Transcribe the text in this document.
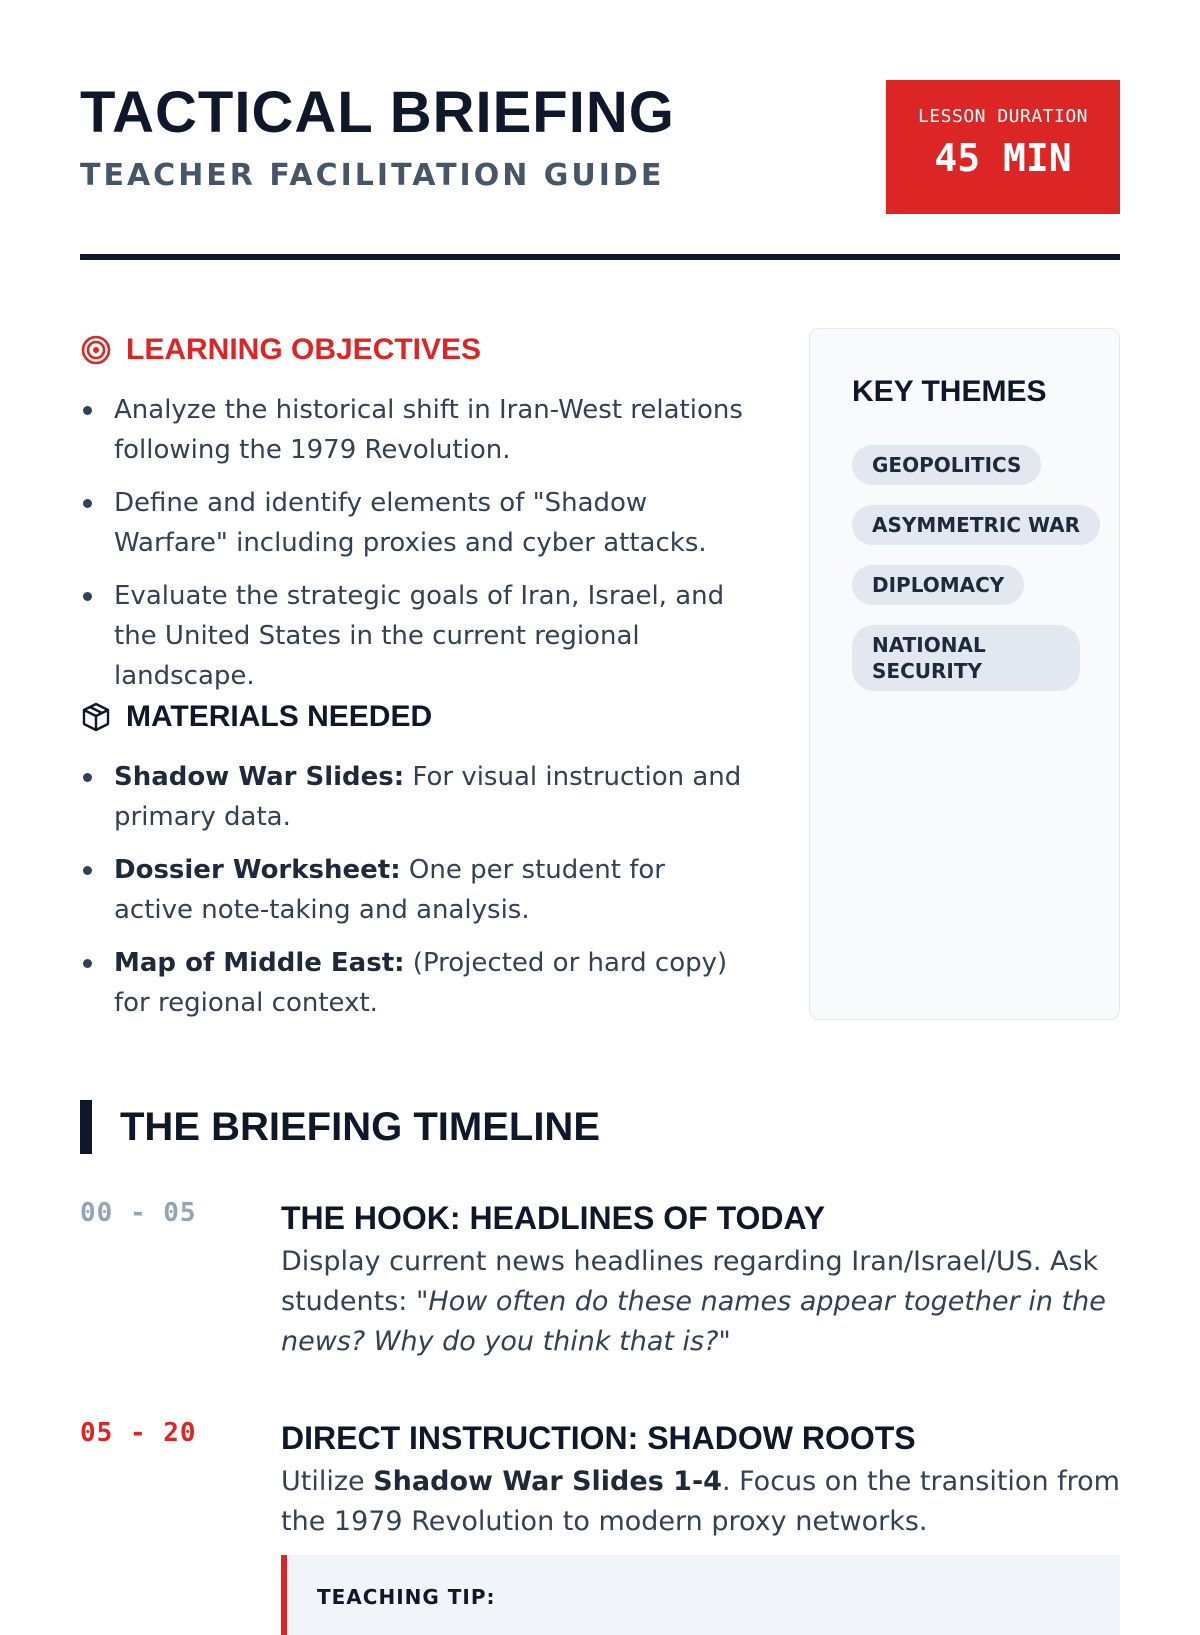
TACTICAL BRIEFING
TEACHER FACILITATION GUIDE
LESSON DURATION
45 MIN
LEARNING OBJECTIVES
Analyze the historical shift in Iran-West relations following the 1979 Revolution.
Define and identify elements of "Shadow Warfare" including proxies and cyber attacks.
Evaluate the strategic goals of Iran, Israel, and the United States in the current regional landscape.
MATERIALS NEEDED
Shadow War Slides: For visual instruction and primary data.
Dossier Worksheet: One per student for active note-taking and analysis.
Map of Middle East: (Projected or hard copy) for regional context.
KEY THEMES
GEOPOLITICS
ASYMMETRIC WAR
DIPLOMACY
NATIONAL SECURITY
THE BRIEFING TIMELINE
00 - 05	THE HOOK: HEADLINES OF TODAY
Display current news headlines regarding Iran/Israel/US. Ask students: "How often do these names appear together in the news? Why do you think that is?"
05 - 20	DIRECT INSTRUCTION: SHADOW ROOTS
Utilize Shadow War Slides 1-4. Focus on the transition from the 1979 Revolution to modern proxy networks.
TEACHING TIP:
